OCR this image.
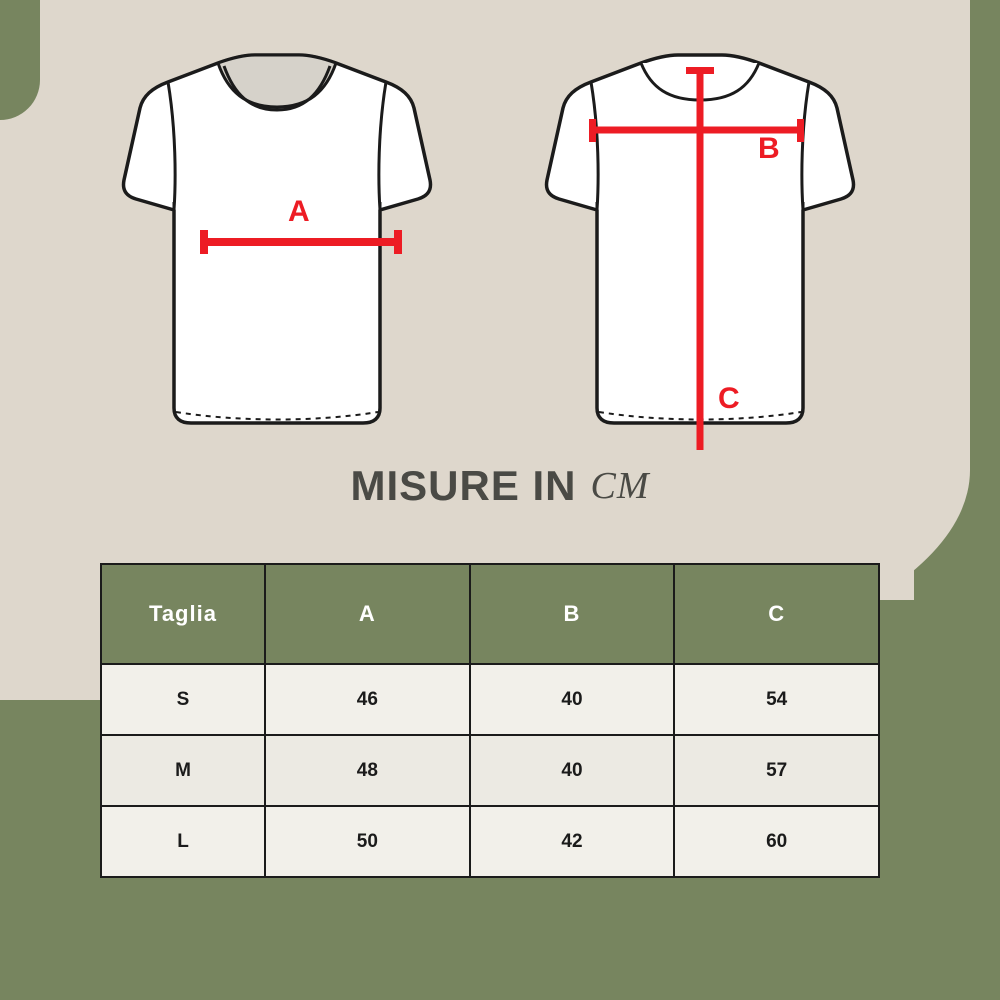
A
B
C
MISURE IN CM
Taglia	A	B	C
S	46	40	54
M	48	40	57
L	50	42	60
